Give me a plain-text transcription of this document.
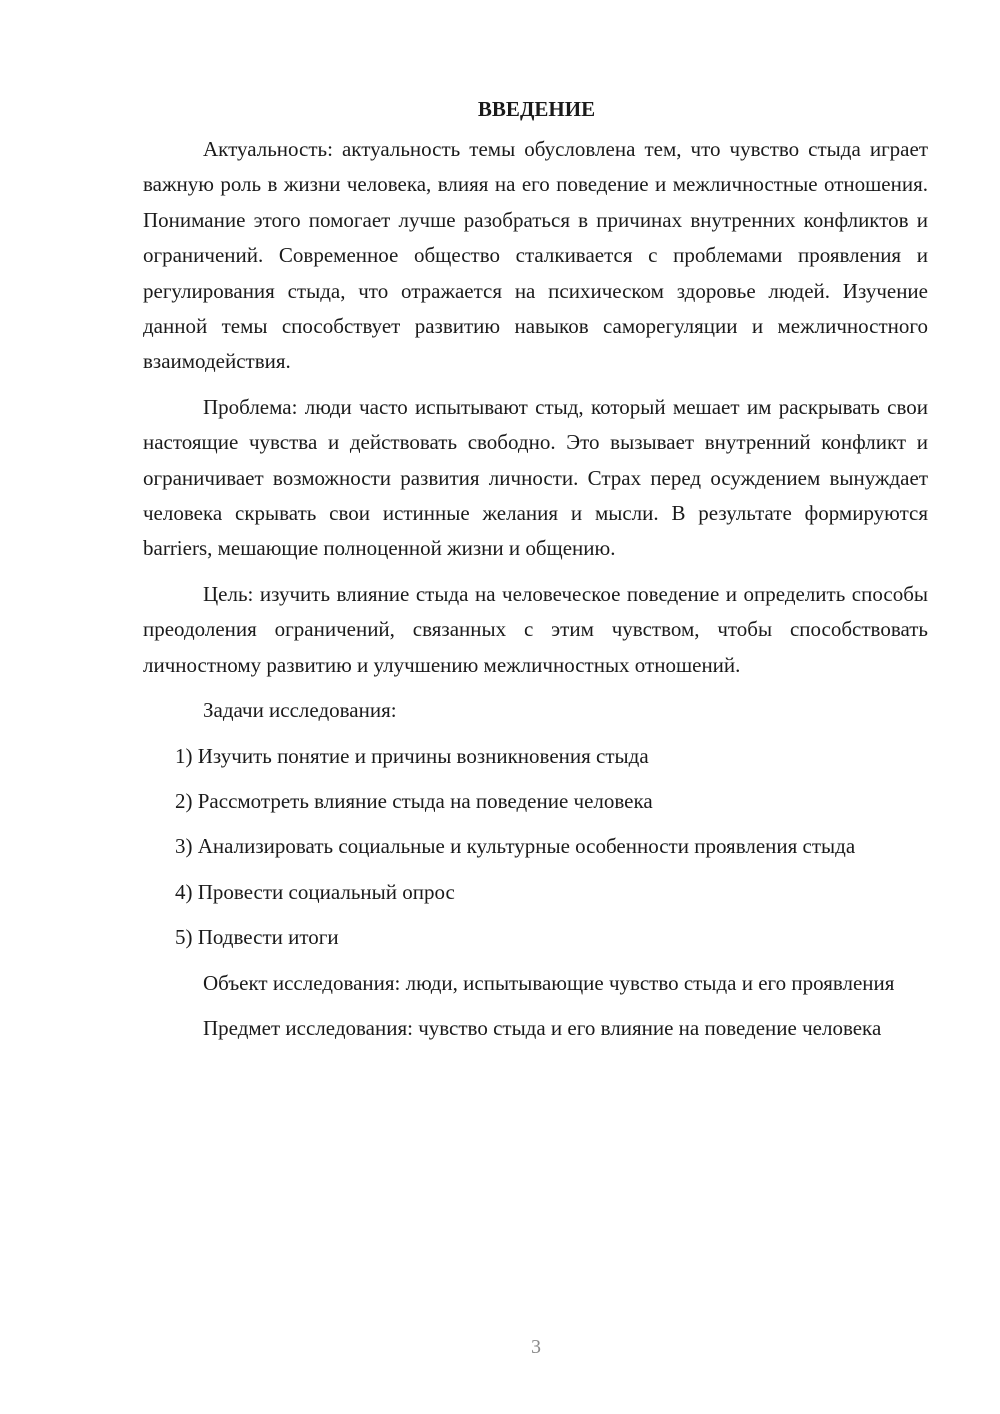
ВВЕДЕНИЕ

Актуальность: актуальность темы обусловлена тем, что чувство стыда играет важную роль в жизни человека, влияя на его поведение и межличностные отношения. Понимание этого помогает лучше разобраться в причинах внутренних конфликтов и ограничений. Современное общество сталкивается с проблемами проявления и регулирования стыда, что отражается на психическом здоровье людей. Изучение данной темы способствует развитию навыков саморегуляции и межличностного взаимодействия.

Проблема: люди часто испытывают стыд, который мешает им раскрывать свои настоящие чувства и действовать свободно. Это вызывает внутренний конфликт и ограничивает возможности развития личности. Страх перед осуждением вынуждает человека скрывать свои истинные желания и мысли. В результате формируются barriers, мешающие полноценной жизни и общению.

Цель: изучить влияние стыда на человеческое поведение и определить способы преодоления ограничений, связанных с этим чувством, чтобы способствовать личностному развитию и улучшению межличностных отношений.

Задачи исследования:

1) Изучить понятие и причины возникновения стыда

2) Рассмотреть влияние стыда на поведение человека

3) Анализировать социальные и культурные особенности проявления стыда

4) Провести социальный опрос

5) Подвести итоги

Объект исследования: люди, испытывающие чувство стыда и его проявления

Предмет исследования: чувство стыда и его влияние на поведение человека

3
